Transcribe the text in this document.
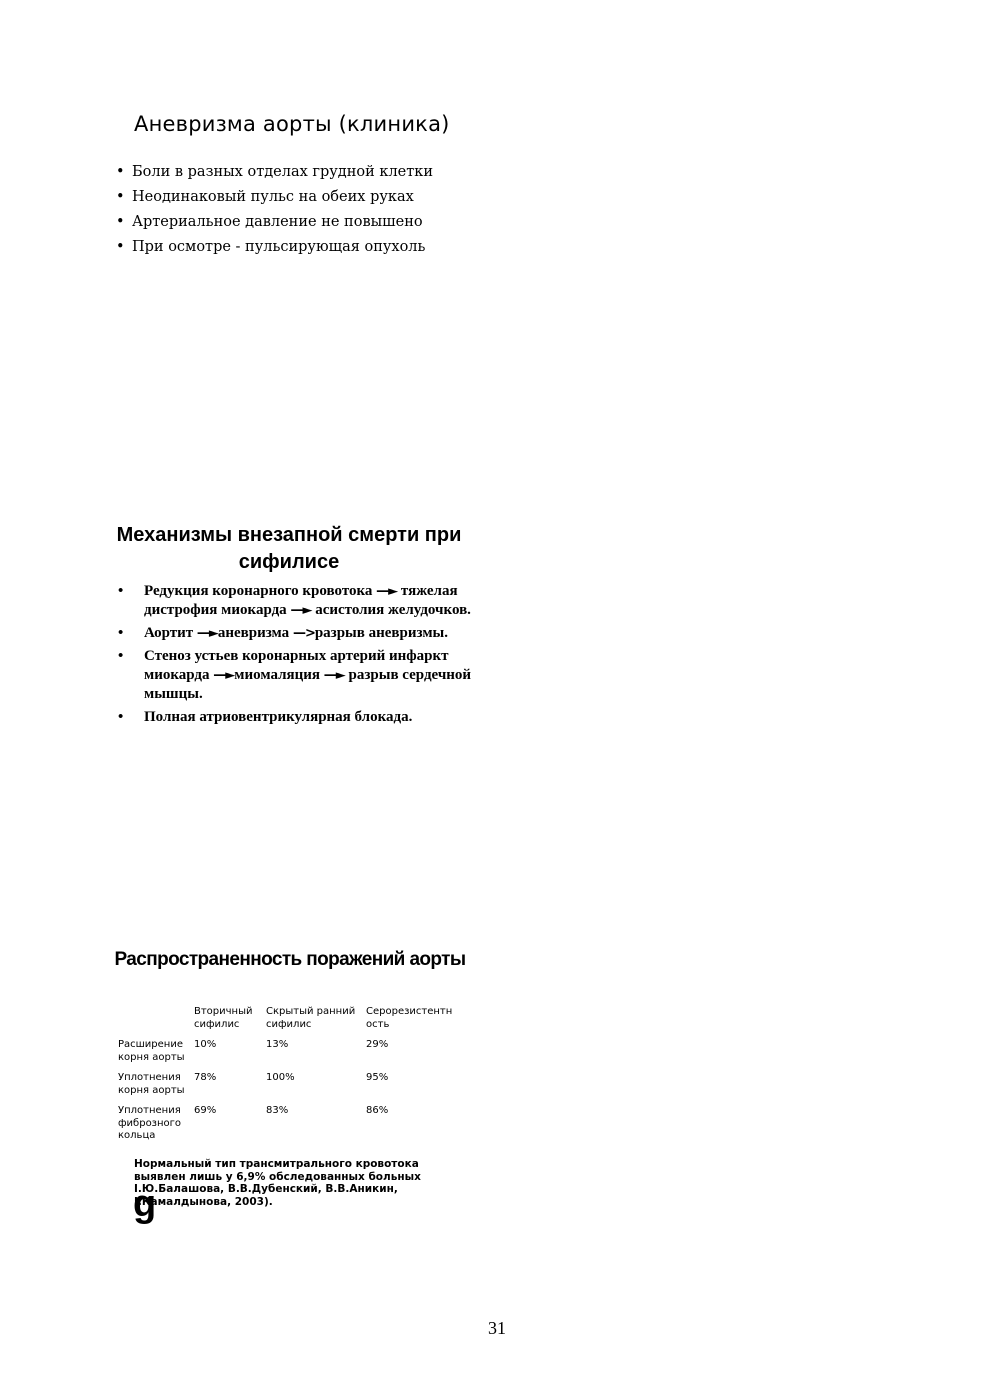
Аневризма аорты (клиника)
• Боли в разных отделах грудной клетки
• Неодинаковый пульс на обеих руках
• Артериальное давление не повышено
• При осмотре - пульсирующая опухоль
Механизмы внезапной смерти при сифилисе
• Редукция коронарного кровотока —► тяжелая дистрофия миокарда —► асистолия желудочков.
• Аортит —►аневризма —>разрыв аневризмы.
• Стеноз устьев коронарных артерий инфаркт миокарда —►миомаляция —► разрыв сердечной мышцы.
• Полная атриовентрикулярная блокада.
Распространенность поражений аорты
	Вторичный сифилис	Скрытый ранний сифилис	Серорезистентн ость
Расширение корня аорты	10%	13%	29%
Уплотнения корня аорты	78%	100%	95%
Уплотнения фиброзного кольца	69%	83%	86%
Нормальный тип трансмитрального кровотока выявлен лишь у 6,9% обследованных больных I.Ю.Балашова, В.В.Дубенский, В.В.Аникин, I.Камалдынова, 2003).
g
31
